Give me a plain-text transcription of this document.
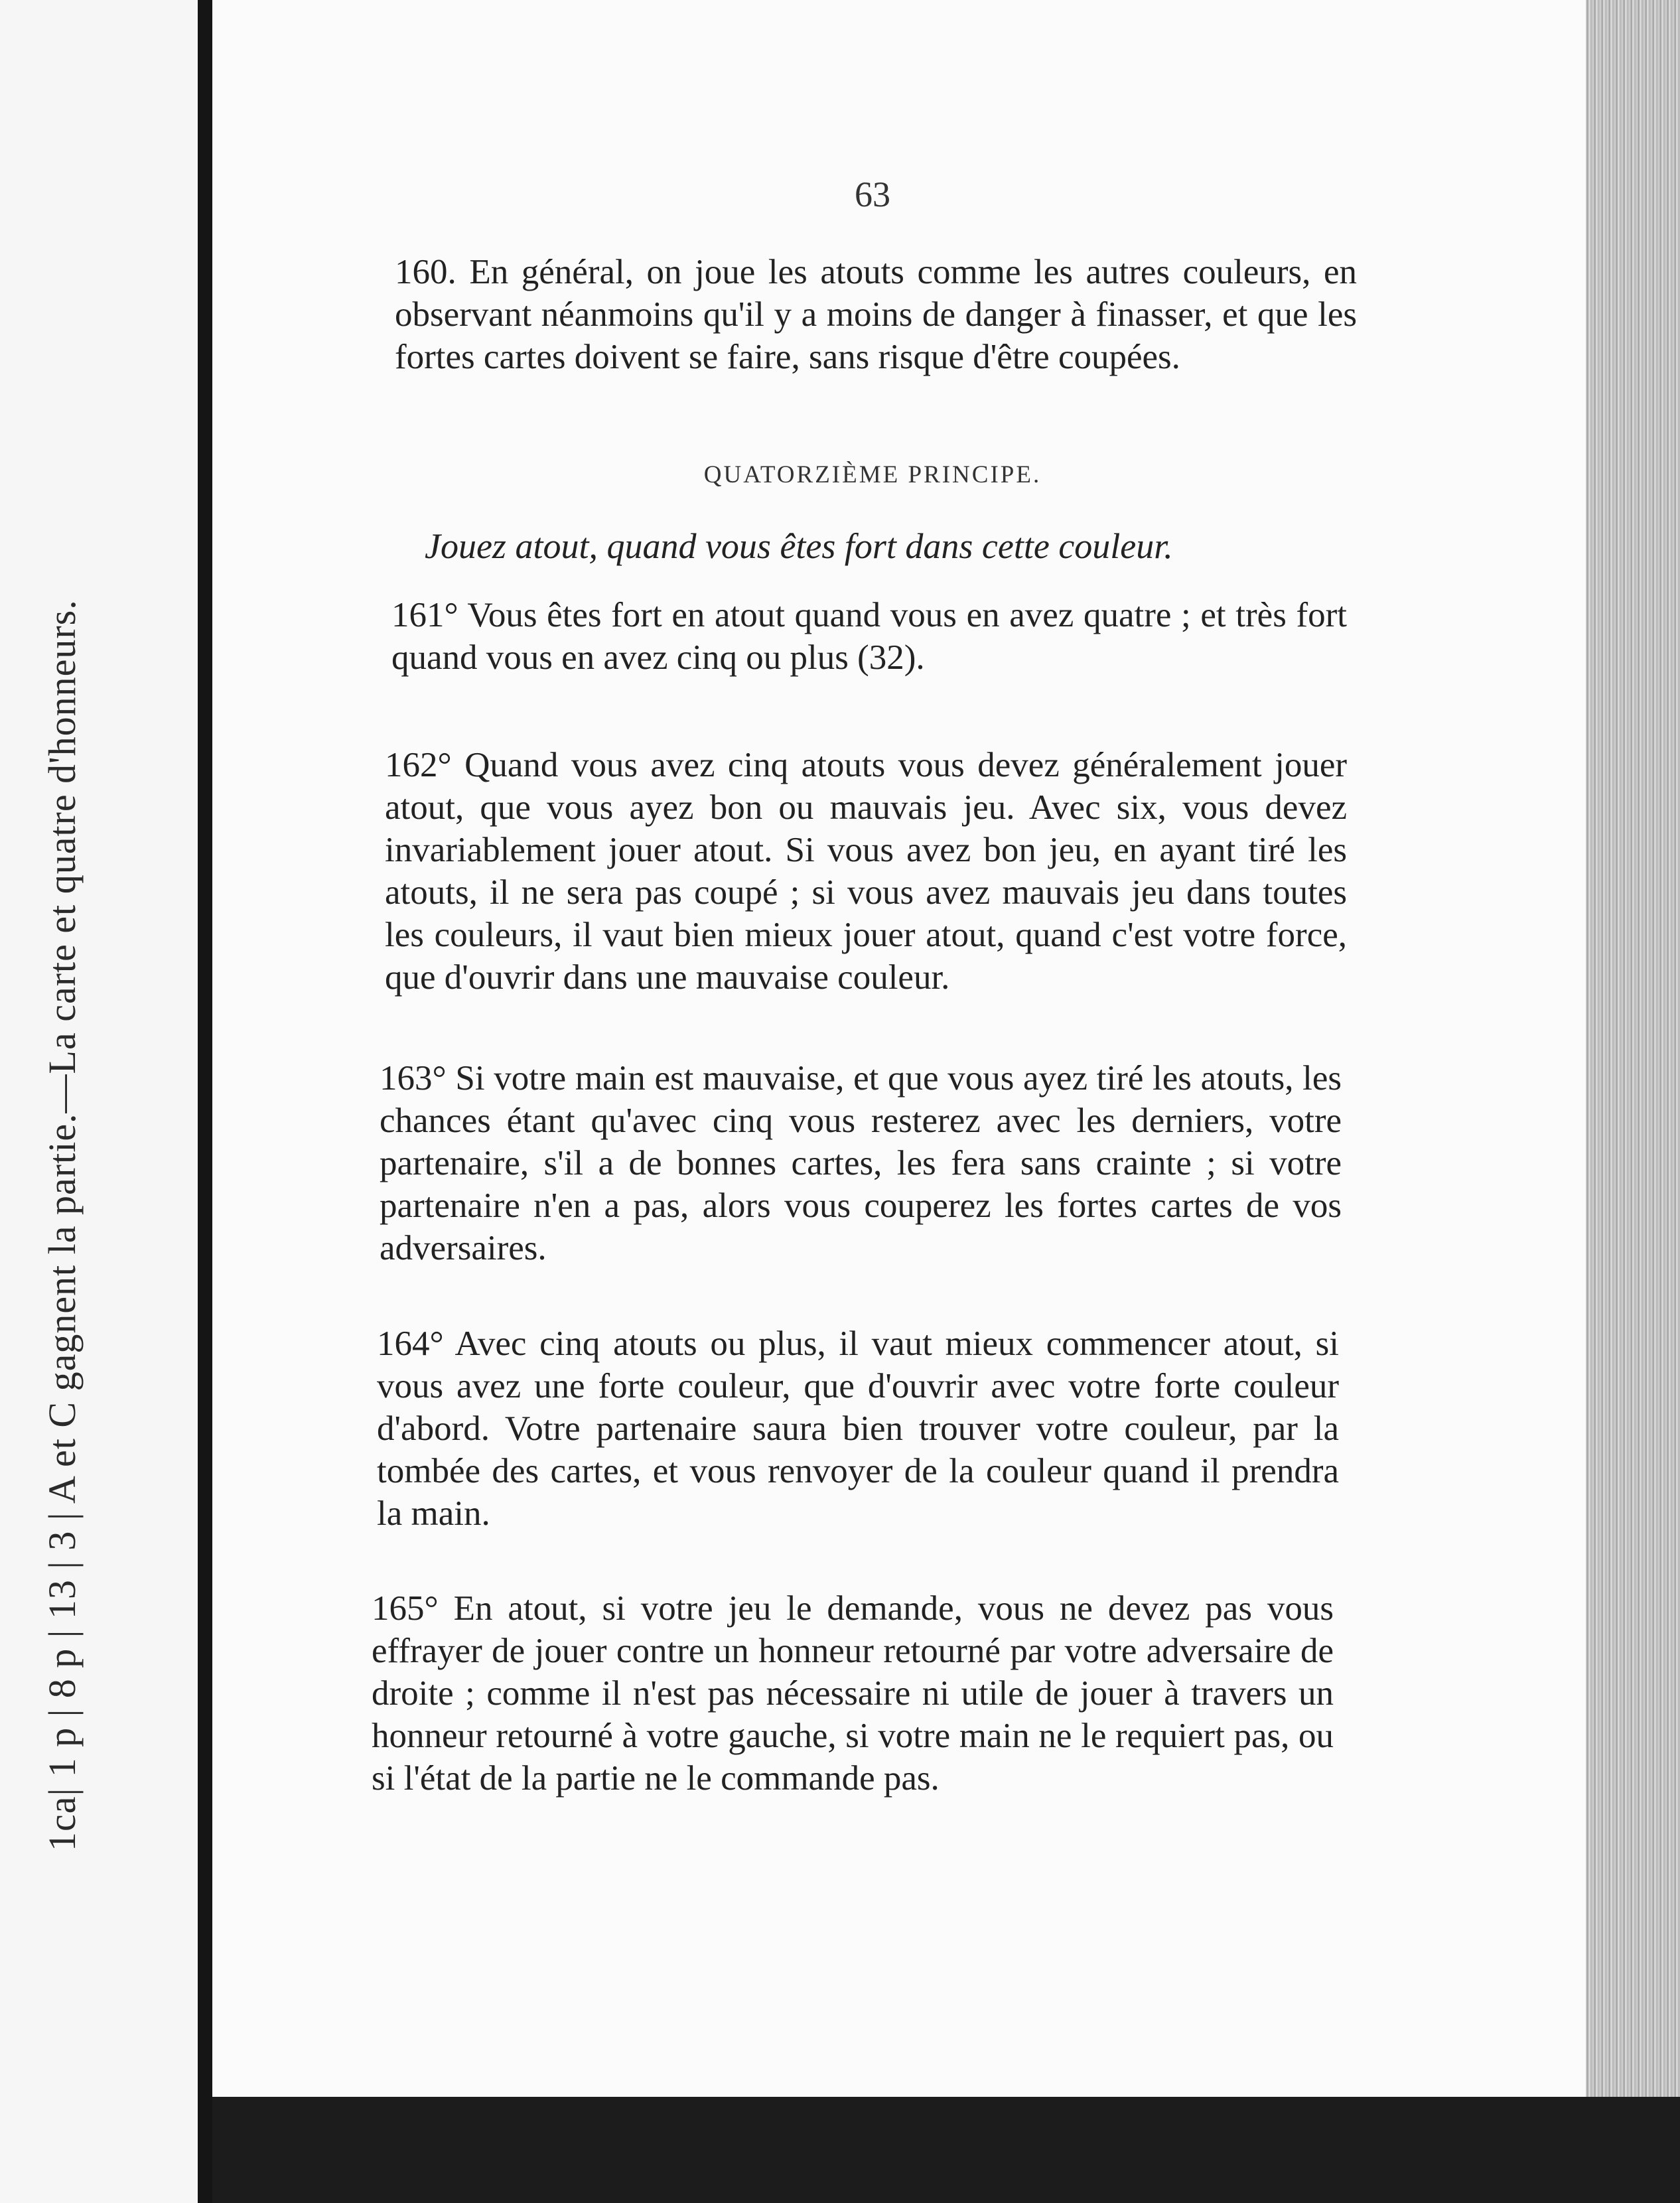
1ca| 1 p | 8 p | 13 | 3 | A et C gagnent la partie.—La carte et quatre d'honneurs.
63

160. En général, on joue les atouts comme les autres couleurs, en observant néanmoins qu'il y a moins de danger à finasser, et que les fortes cartes doivent se faire, sans risque d'être coupées.

QUATORZIÈME PRINCIPE.
Jouez atout, quand vous êtes fort dans cette couleur.

161° Vous êtes fort en atout quand vous en avez quatre ; et très fort quand vous en avez cinq ou plus (32).

162° Quand vous avez cinq atouts vous devez généralement jouer atout, que vous ayez bon ou mauvais jeu. Avec six, vous devez invariablement jouer atout. Si vous avez bon jeu, en ayant tiré les atouts, il ne sera pas coupé ; si vous avez mauvais jeu dans toutes les couleurs, il vaut bien mieux jouer atout, quand c'est votre force, que d'ouvrir dans une mauvaise couleur.

163° Si votre main est mauvaise, et que vous ayez tiré les atouts, les chances étant qu'avec cinq vous resterez avec les derniers, votre partenaire, s'il a de bonnes cartes, les fera sans crainte ; si votre partenaire n'en a pas, alors vous couperez les fortes cartes de vos adversaires.

164° Avec cinq atouts ou plus, il vaut mieux commencer atout, si vous avez une forte couleur, que d'ouvrir avec votre forte couleur d'abord. Votre partenaire saura bien trouver votre couleur, par la tombée des cartes, et vous renvoyer de la couleur quand il prendra la main.

165° En atout, si votre jeu le demande, vous ne devez pas vous effrayer de jouer contre un honneur retourné par votre adversaire de droite ; comme il n'est pas nécessaire ni utile de jouer à travers un honneur retourné à votre gauche, si votre main ne le requiert pas, ou si l'état de la partie ne le commande pas.
